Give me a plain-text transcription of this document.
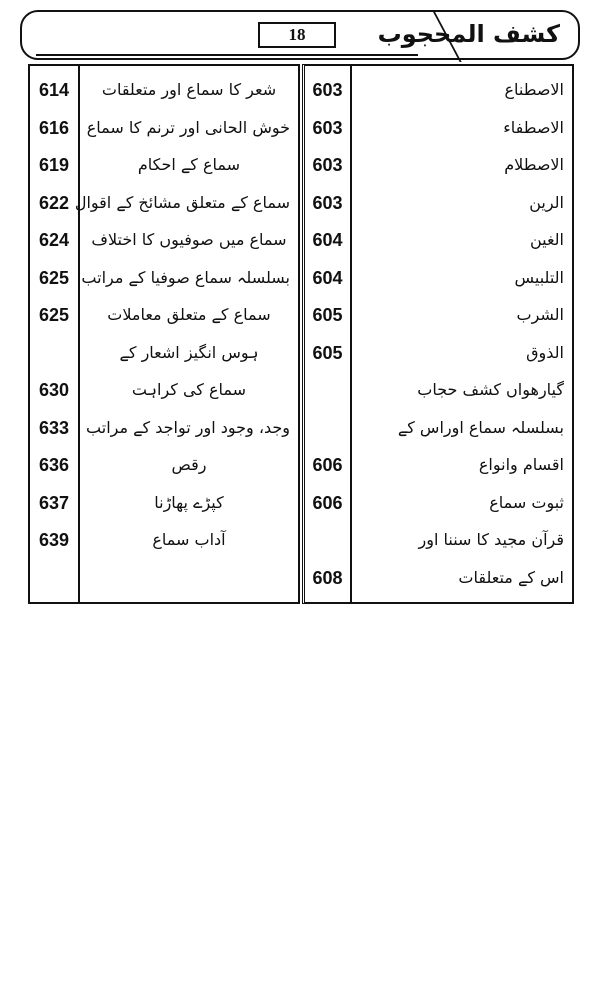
18	کشف المحجوب
614
616
619
622
624
625
625
630
633
636
637
639
شعر کا سماع اور متعلقات
خوش الحانی اور ترنم کا سماع
سماع کے احکام
سماع کے متعلق مشائخ کے اقوال
سماع میں صوفیوں کا اختلاف
بسلسلہ سماع صوفیا کے مراتب
سماع کے متعلق معاملات
ہوس انگیز اشعار کے
سماع کی کراہت
وجد، وجود اور تواجد کے مراتب
رقص
کپڑے پھاڑنا
آداب سماع
603
603
603
603
604
604
605
605
606
606
608
الاصطناع
الاصطفاء
الاصطلام
الرین
الغین
التلبیس
الشرب
الذوق
گیارھواں کشف حجاب
بسلسلہ سماع اوراس کے
اقسام وانواع
ثبوت سماع
قرآن مجید کا سننا اور
اس کے متعلقات
